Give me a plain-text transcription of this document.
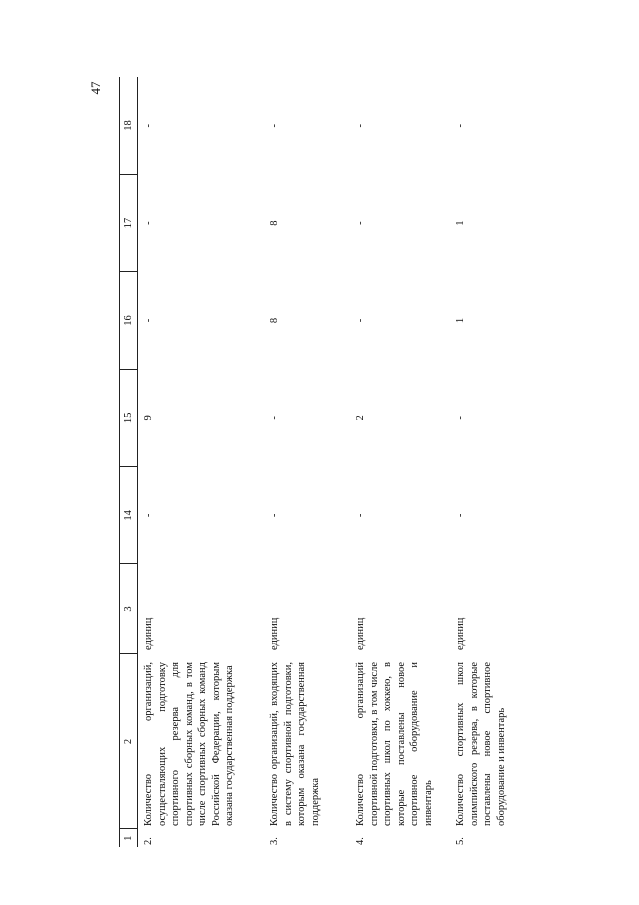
47
1	2	3	14	15	16	17	18
2.	Количество организаций, осуществляющих подготовку спортивного резерва для спортивных сборных команд, в том числе спортивных сборных команд Российской Федерации, которым оказана государственная поддержка	единиц	-	9	-	-	-
3.	Количество организаций, входящих в систему спортивной подготовки, которым оказана государственная поддержка	единиц	-	-	8	8	-
4.	Количество организаций спортивной подготовки, в том числе спортивных школ по хоккею, в которые поставлены новое спортивное оборудование и инвентарь	единиц	-	2	-	-	-
5.	Количество спортивных школ олимпийского резерва, в которые поставлены новое спортивное оборудование и инвентарь	единиц	-	-	1	1	-
